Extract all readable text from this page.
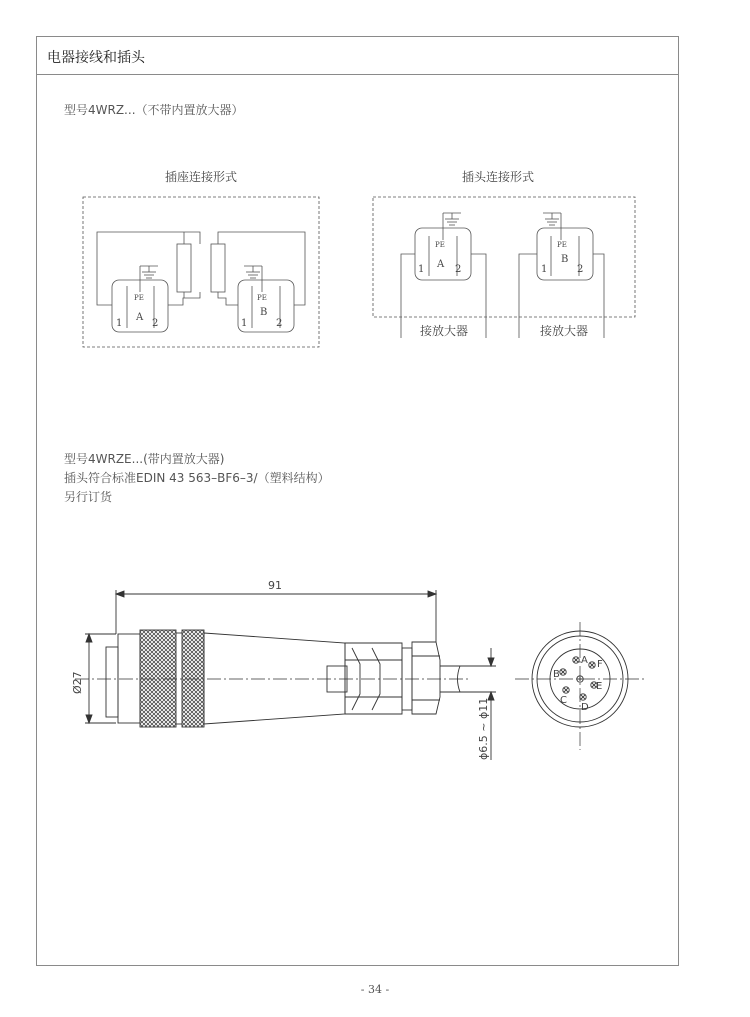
电器接线和插头
型号4WRZ...（不带内置放大器）
插座连接形式	插头连接形式
型号4WRZE...(带内置放大器)
插头符合标准EDIN 43 563–BF6–3/（塑料结构）
另行订货
PE
A
1	2
PE
B
1	2
PE
A
1	2
PE
B
1	2
接放大器	接放大器
91
Ø27
ϕ6.5 ~ ϕ11
A
B
C
D
E
F
- 34 -
